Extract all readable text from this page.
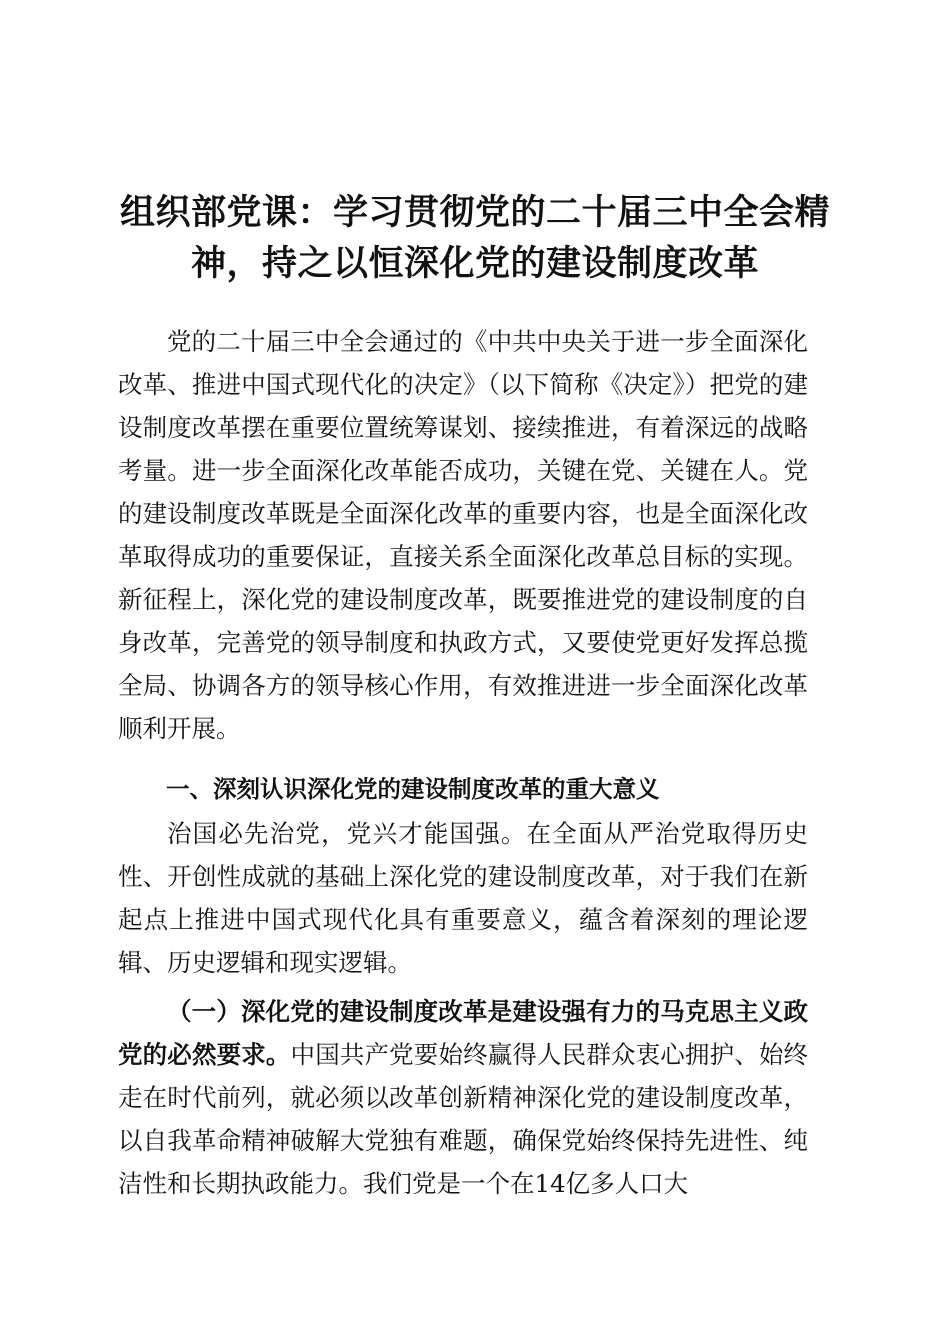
组织部党课：学习贯彻党的二十届三中全会精神，持之以恒深化党的建设制度改革

党的二十届三中全会通过的《中共中央关于进一步全面深化改革、推进中国式现代化的决定》（以下简称《决定》）把党的建设制度改革摆在重要位置统筹谋划、接续推进，有着深远的战略考量。进一步全面深化改革能否成功，关键在党、关键在人。党的建设制度改革既是全面深化改革的重要内容，也是全面深化改革取得成功的重要保证，直接关系全面深化改革总目标的实现。新征程上，深化党的建设制度改革，既要推进党的建设制度的自身改革，完善党的领导制度和执政方式，又要使党更好发挥总揽全局、协调各方的领导核心作用，有效推进进一步全面深化改革顺利开展。

一、深刻认识深化党的建设制度改革的重大意义

治国必先治党，党兴才能国强。在全面从严治党取得历史性、开创性成就的基础上深化党的建设制度改革，对于我们在新起点上推进中国式现代化具有重要意义，蕴含着深刻的理论逻辑、历史逻辑和现实逻辑。

（一）深化党的建设制度改革是建设强有力的马克思主义政党的必然要求。中国共产党要始终赢得人民群众衷心拥护、始终走在时代前列，就必须以改革创新精神深化党的建设制度改革，以自我革命精神破解大党独有难题，确保党始终保持先进性、纯洁性和长期执政能力。我们党是一个在14亿多人口大
